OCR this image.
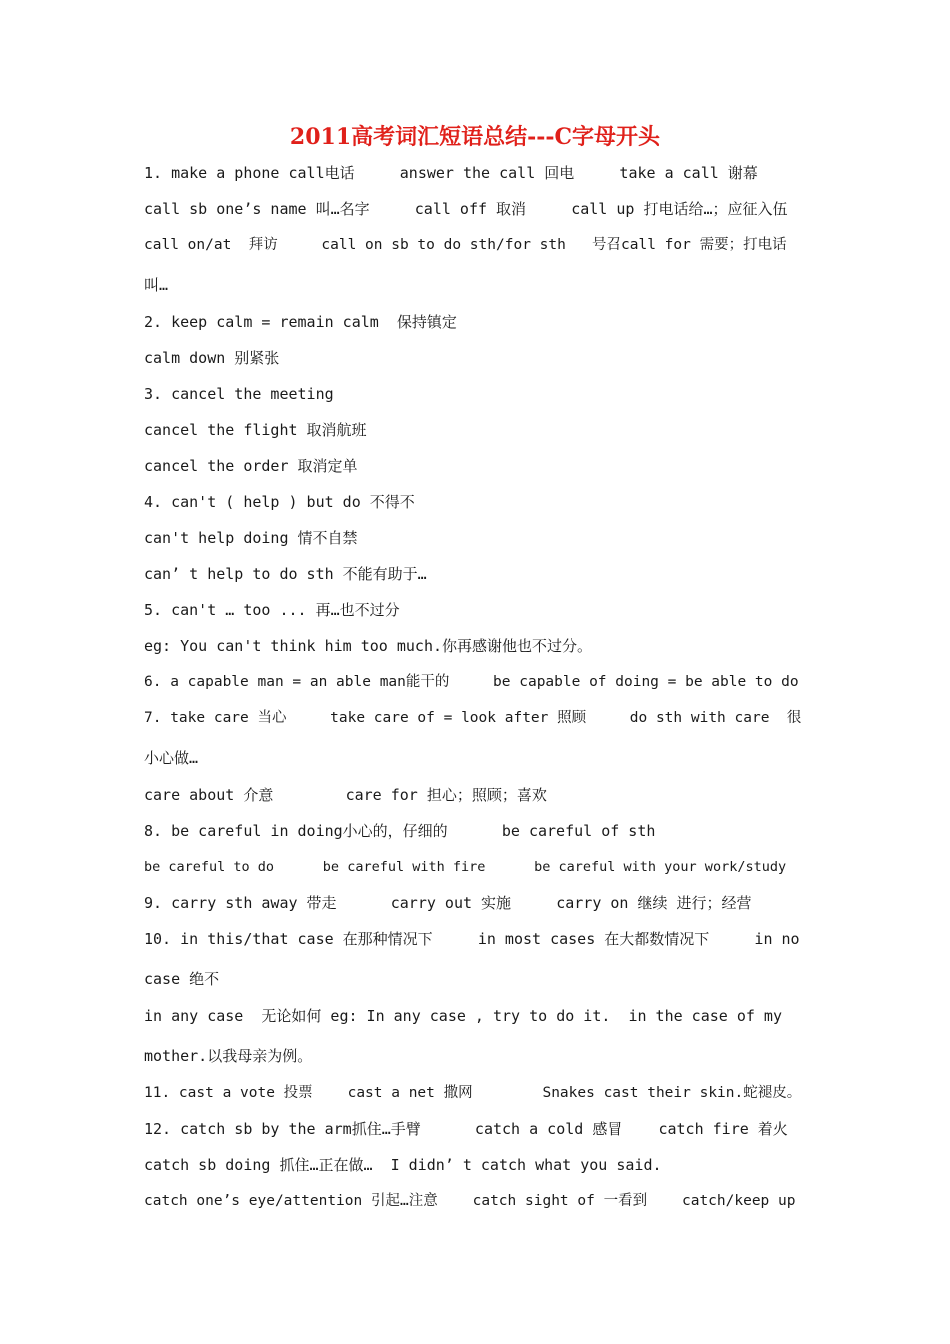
2011高考词汇短语总结---C字母开头
1. make a phone call电话     answer the call 回电     take a call 谢幕
call sb one’s name 叫…名字     call off 取消     call up 打电话给…；应征入伍
call on/at  拜访     call on sb to do sth/for sth   号召call for 需要；打电话
叫…
2. keep calm = remain calm  保持镇定
calm down 别紧张
3. cancel the meeting
cancel the flight 取消航班
cancel the order 取消定单
4. can't ( help ) but do 不得不
can't help doing 情不自禁
can’ t help to do sth 不能有助于…
5. can't … too ... 再…也不过分
eg: You can't think him too much.你再感谢他也不过分。
6. a capable man = an able man能干的     be capable of doing = be able to do
7. take care 当心     take care of = look after 照顾     do sth with care  很
小心做…
care about 介意        care for 担心；照顾；喜欢
8. be careful in doing小心的，仔细的      be careful of sth
be careful to do      be careful with fire      be careful with your work/study
9. carry sth away 带走      carry out 实施     carry on 继续 进行；经营
10. in this/that case 在那种情况下     in most cases 在大都数情况下     in no
case 绝不
in any case  无论如何 eg: In any case , try to do it.  in the case of my
mother.以我母亲为例。
11. cast a vote 投票    cast a net 撒网        Snakes cast their skin.蛇褪皮。
12. catch sb by the arm抓住…手臂      catch a cold 感冒    catch fire 着火
catch sb doing 抓住…正在做…  I didn’ t catch what you said.
catch one’s eye/attention 引起…注意    catch sight of 一看到    catch/keep up
